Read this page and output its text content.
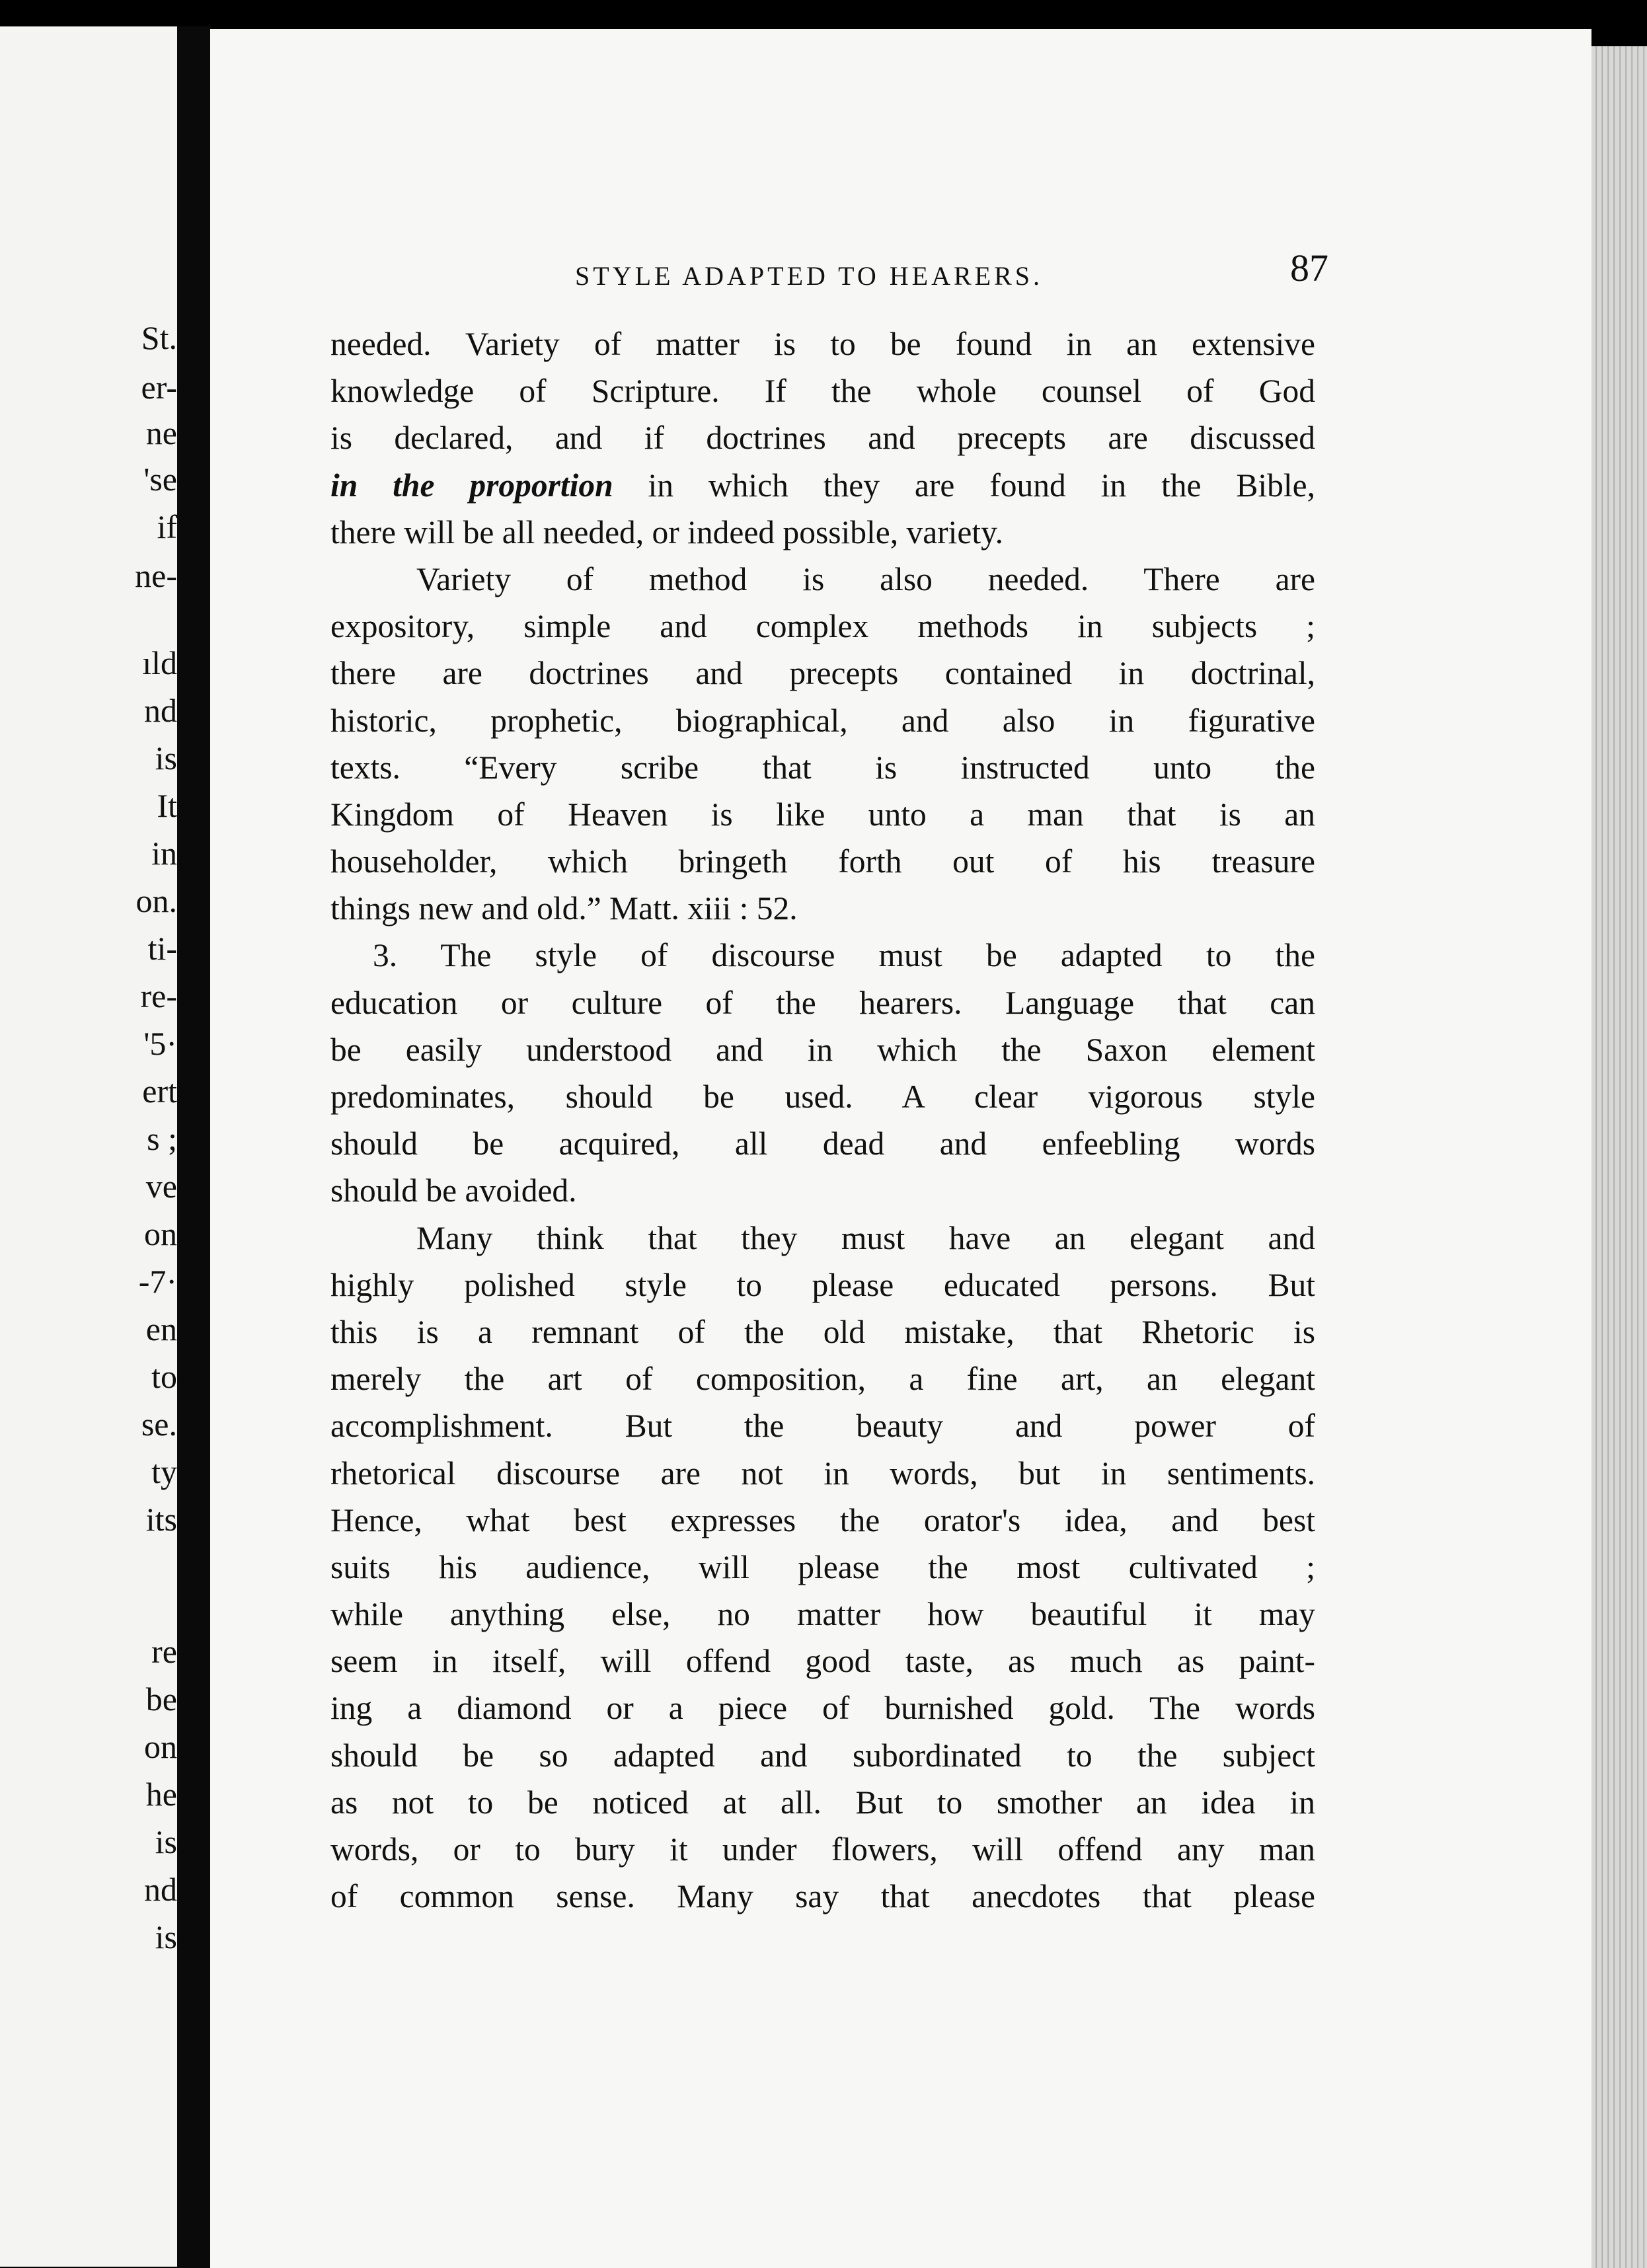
St.
er-
ne
'se
if
ne-
ıld
nd
is
It
in
on.
ti-
re-
'5·
ert
s ;
ve
on
-7·
en
to
se.
ty
its
re
be
on
he
is
nd
is
STYLE ADAPTED TO HEARERS.	87
needed. Variety of matter is to be found in an extensive
knowledge of Scripture. If the whole counsel of God
is declared, and if doctrines and precepts are discussed
in the proportion in which they are found in the Bible,
there will be all needed, or indeed possible, variety.
Variety of method is also needed. There are
expository, simple and complex methods in subjects ;
there are doctrines and precepts contained in doctrinal,
historic, prophetic, biographical, and also in figurative
texts. “Every scribe that is instructed unto the
Kingdom of Heaven is like unto a man that is an
householder, which bringeth forth out of his treasure
things new and old.” Matt. xiii : 52.
3. The style of discourse must be adapted to the
education or culture of the hearers. Language that can
be easily understood and in which the Saxon element
predominates, should be used. A clear vigorous style
should be acquired, all dead and enfeebling words
should be avoided.
Many think that they must have an elegant and
highly polished style to please educated persons. But
this is a remnant of the old mistake, that Rhetoric is
merely the art of composition, a fine art, an elegant
accomplishment. But the beauty and power of
rhetorical discourse are not in words, but in sentiments.
Hence, what best expresses the orator's idea, and best
suits his audience, will please the most cultivated ;
while anything else, no matter how beautiful it may
seem in itself, will offend good taste, as much as paint-
ing a diamond or a piece of burnished gold. The words
should be so adapted and subordinated to the subject
as not to be noticed at all. But to smother an idea in
words, or to bury it under flowers, will offend any man
of common sense. Many say that anecdotes that please
